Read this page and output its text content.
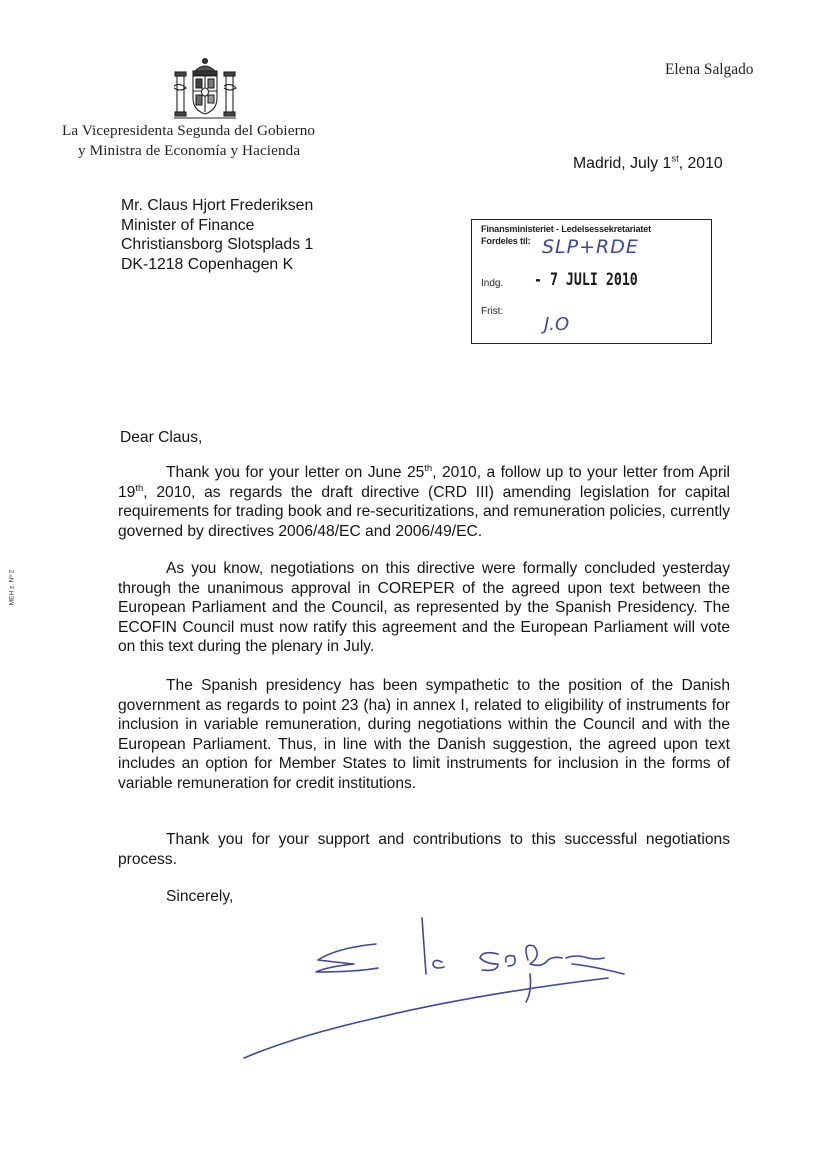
Elena Salgado
La Vicepresidenta Segunda del Gobierno
y Ministra de Economía y Hacienda
Madrid, July 1st, 2010
Mr. Claus Hjort Frederiksen
Minister of Finance
Christiansborg Slotsplads 1
DK-1218 Copenhagen K
Finansministeriet - Ledelsessekretariatet
Fordeles til: SLP+RDE
Indg. - 7 JULI 2010
Frist:
J.O
MEH z. Nº 2
Dear Claus,

Thank you for your letter on June 25th, 2010, a follow up to your letter from April 19th, 2010, as regards the draft directive (CRD III) amending legislation for capital requirements for trading book and re-securitizations, and remuneration policies, currently governed by directives 2006/48/EC and 2006/49/EC.

As you know, negotiations on this directive were formally concluded yesterday through the unanimous approval in COREPER of the agreed upon text between the European Parliament and the Council, as represented by the Spanish Presidency. The ECOFIN Council must now ratify this agreement and the European Parliament will vote on this text during the plenary in July.

The Spanish presidency has been sympathetic to the position of the Danish government as regards to point 23 (ha) in annex I, related to eligibility of instruments for inclusion in variable remuneration, during negotiations within the Council and with the European Parliament. Thus, in line with the Danish suggestion, the agreed upon text includes an option for Member States to limit instruments for inclusion in the forms of variable remuneration for credit institutions.

Thank you for your support and contributions to this successful negotiations process.

Sincerely,
